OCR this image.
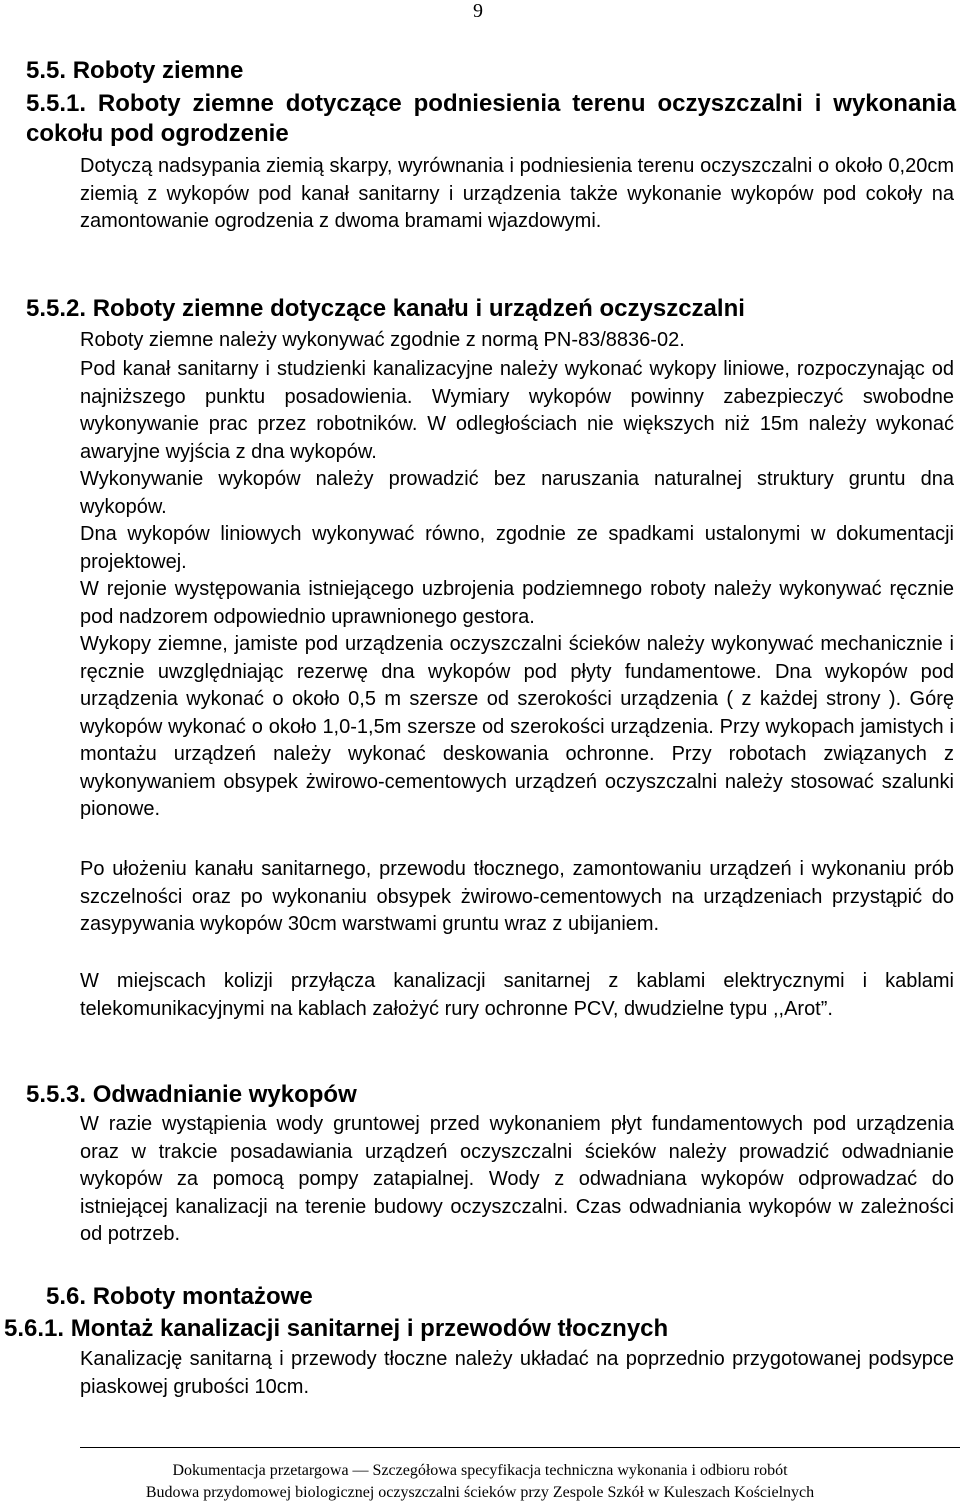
9
5.5. Roboty ziemne
5.5.1. Roboty ziemne dotyczące podniesienia terenu oczyszczalni i wykonania cokołu pod ogrodzenie
Dotyczą nadsypania ziemią skarpy, wyrównania i podniesienia terenu oczyszczalni o około 0,20cm ziemią z wykopów pod kanał sanitarny i urządzenia także wykonanie wykopów pod cokoły na zamontowanie ogrodzenia z dwoma bramami wjazdowymi.
5.5.2. Roboty ziemne dotyczące kanału i urządzeń oczyszczalni
Roboty ziemne należy wykonywać zgodnie z normą PN-83/8836-02.
Pod kanał sanitarny i studzienki kanalizacyjne należy wykonać wykopy liniowe, rozpoczynając od najniższego punktu posadowienia. Wymiary wykopów powinny zabezpieczyć swobodne wykonywanie prac przez robotników. W odległościach nie większych niż 15m należy wykonać awaryjne wyjścia z dna wykopów.
Wykonywanie wykopów należy prowadzić bez naruszania naturalnej struktury gruntu dna wykopów.
Dna wykopów liniowych wykonywać równo, zgodnie ze spadkami ustalonymi w dokumentacji projektowej.
W rejonie występowania istniejącego uzbrojenia podziemnego roboty należy wykonywać ręcznie pod nadzorem odpowiednio uprawnionego gestora.
Wykopy ziemne, jamiste pod urządzenia oczyszczalni ścieków należy wykonywać mechanicznie i ręcznie uwzględniając rezerwę dna wykopów pod płyty fundamentowe. Dna wykopów pod urządzenia wykonać o około 0,5 m szersze od szerokości urządzenia ( z każdej strony ). Górę wykopów wykonać o około 1,0-1,5m szersze od szerokości urządzenia. Przy wykopach jamistych i montażu urządzeń należy wykonać deskowania ochronne. Przy robotach związanych z wykonywaniem obsypek żwirowo-cementowych urządzeń oczyszczalni należy stosować szalunki pionowe.
Po ułożeniu kanału sanitarnego, przewodu tłocznego, zamontowaniu urządzeń i wykonaniu prób szczelności oraz po wykonaniu obsypek żwirowo-cementowych na urządzeniach przystąpić do zasypywania wykopów 30cm warstwami gruntu wraz z ubijaniem.
W miejscach kolizji przyłącza kanalizacji sanitarnej z kablami elektrycznymi i kablami telekomunikacyjnymi na kablach założyć rury ochronne PCV, dwudzielne typu ,,Arot”.
5.5.3. Odwadnianie wykopów
W razie wystąpienia wody gruntowej przed wykonaniem płyt fundamentowych pod urządzenia oraz w trakcie posadawiania urządzeń oczyszczalni ścieków należy prowadzić odwadnianie wykopów za pomocą pompy zatapialnej. Wody z odwadniana wykopów odprowadzać do istniejącej kanalizacji na terenie budowy oczyszczalni. Czas odwadniania wykopów w zależności od potrzeb.
5.6. Roboty montażowe
5.6.1. Montaż kanalizacji sanitarnej i przewodów tłocznych
Kanalizację sanitarną i przewody tłoczne należy układać na poprzednio przygotowanej podsypce piaskowej grubości 10cm.
Dokumentacja przetargowa — Szczegółowa specyfikacja techniczna wykonania i odbioru robót
Budowa przydomowej biologicznej oczyszczalni ścieków przy Zespole Szkół w Kuleszach Kościelnych
